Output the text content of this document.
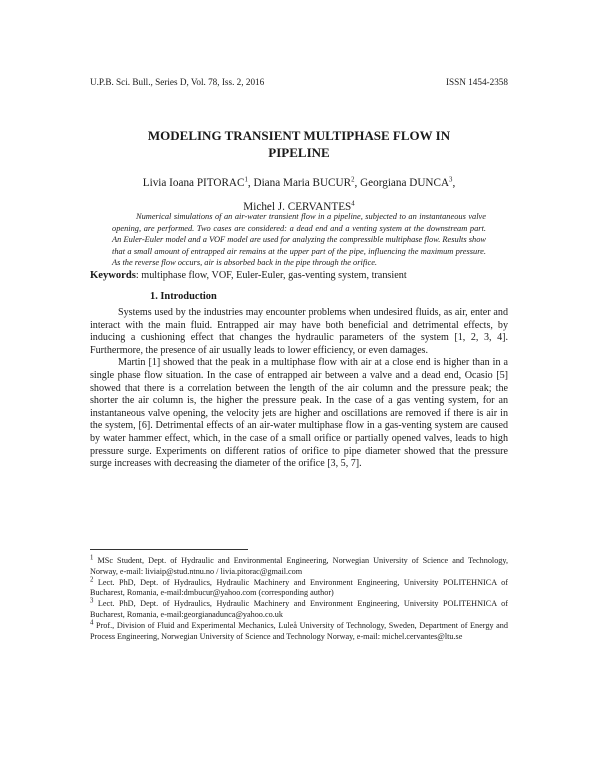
U.P.B. Sci. Bull., Series D, Vol. 78, Iss. 2, 2016	ISSN 1454-2358
MODELING TRANSIENT MULTIPHASE FLOW IN
PIPELINE
Livia Ioana PITORAC$^1$, Diana Maria BUCUR$^2$, Georgiana DUNCA$^3$,
Michel J. CERVANTES$^4$
Numerical simulations of an air-water transient flow in a pipeline, subjected to an instantaneous valve opening, are performed. Two cases are considered: a dead end and a venting system at the downstream part. An Euler-Euler model and a VOF model are used for analyzing the compressible multiphase flow. Results show that a small amount of entrapped air remains at the upper part of the pipe, influencing the maximum pressure. As the reverse flow occurs, air is absorbed back in the pipe through the orifice.
Keywords: multiphase flow, VOF, Euler-Euler, gas-venting system, transient
1. Introduction

Systems used by the industries may encounter problems when undesired fluids, as air, enter and interact with the main fluid. Entrapped air may have both beneficial and detrimental effects, by inducing a cushioning effect that changes the hydraulic parameters of the system [1, 2, 3, 4]. Furthermore, the presence of air usually leads to lower efficiency, or even damages.

Martin [1] showed that the peak in a multiphase flow with air at a close end is higher than in a single phase flow situation. In the case of entrapped air between a valve and a dead end, Ocasio [5] showed that there is a correlation between the length of the air column and the pressure peak; the shorter the air column is, the higher the pressure peak. In the case of a gas venting system, for an instantaneous valve opening, the velocity jets are higher and oscillations are removed if there is air in the system, [6]. Detrimental effects of an air-water multiphase flow in a gas-venting system are caused by water hammer effect, which, in the case of a small orifice or partially opened valves, leads to high pressure surge. Experiments on different ratios of orifice to pipe diameter showed that the pressure surge increases with decreasing the diameter of the orifice [3, 5, 7].

$^1$ MSc Student, Dept. of Hydraulic and Environmental Engineering, Norwegian University of Science and Technology, Norway, e-mail: liviaip@stud.ntnu.no / livia.pitorac@gmail.com

$^2$ Lect. PhD, Dept. of Hydraulics, Hydraulic Machinery and Environment Engineering, University POLITEHNICA of Bucharest, Romania, e-mail:dmbucur@yahoo.com (corresponding author)

$^3$ Lect. PhD, Dept. of Hydraulics, Hydraulic Machinery and Environment Engineering, University POLITEHNICA of Bucharest, Romania, e-mail:georgianadunca@yahoo.co.uk

$^4$ Prof., Division of Fluid and Experimental Mechanics, Luleå University of Technology, Sweden, Department of Energy and Process Engineering, Norwegian University of Science and Technology Norway, e-mail: michel.cervantes@ltu.se
